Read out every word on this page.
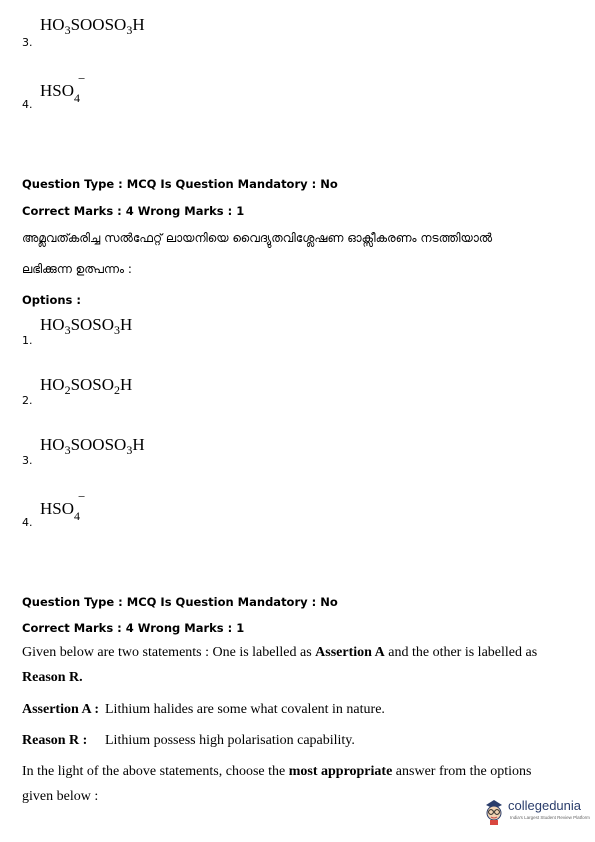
3.
$HO_3SOOSO_3H$
4.
$HSO_4$
−
Question Type : MCQ Is Question Mandatory : No
Correct Marks : 4 Wrong Marks : 1
അമ്ലവത്കരിച്ച സൽഫേറ്റ് ലായനിയെ വൈദ്യുതവിശ്ലേഷണ ഓക്സീകരണം നടത്തിയാൽ
ലഭിക്കുന്ന ഉത്പന്നം :
Options :
1.
$HO_3SOSO_3H$
2.
$HO_2SOSO_2H$
3.
$HO_3SOOSO_3H$
4.
$HSO_4$
−
Question Type : MCQ Is Question Mandatory : No
Correct Marks : 4 Wrong Marks : 1
Given below are two statements : One is labelled as Assertion A and the other is labelled as
Reason R.
Assertion A : Lithium halides are some what covalent in nature.
Reason R : Lithium possess high polarisation capability.
In the light of the above statements, choose the most appropriate answer from the options
given below :
collegedunia
India's Largest Student Review Platform
